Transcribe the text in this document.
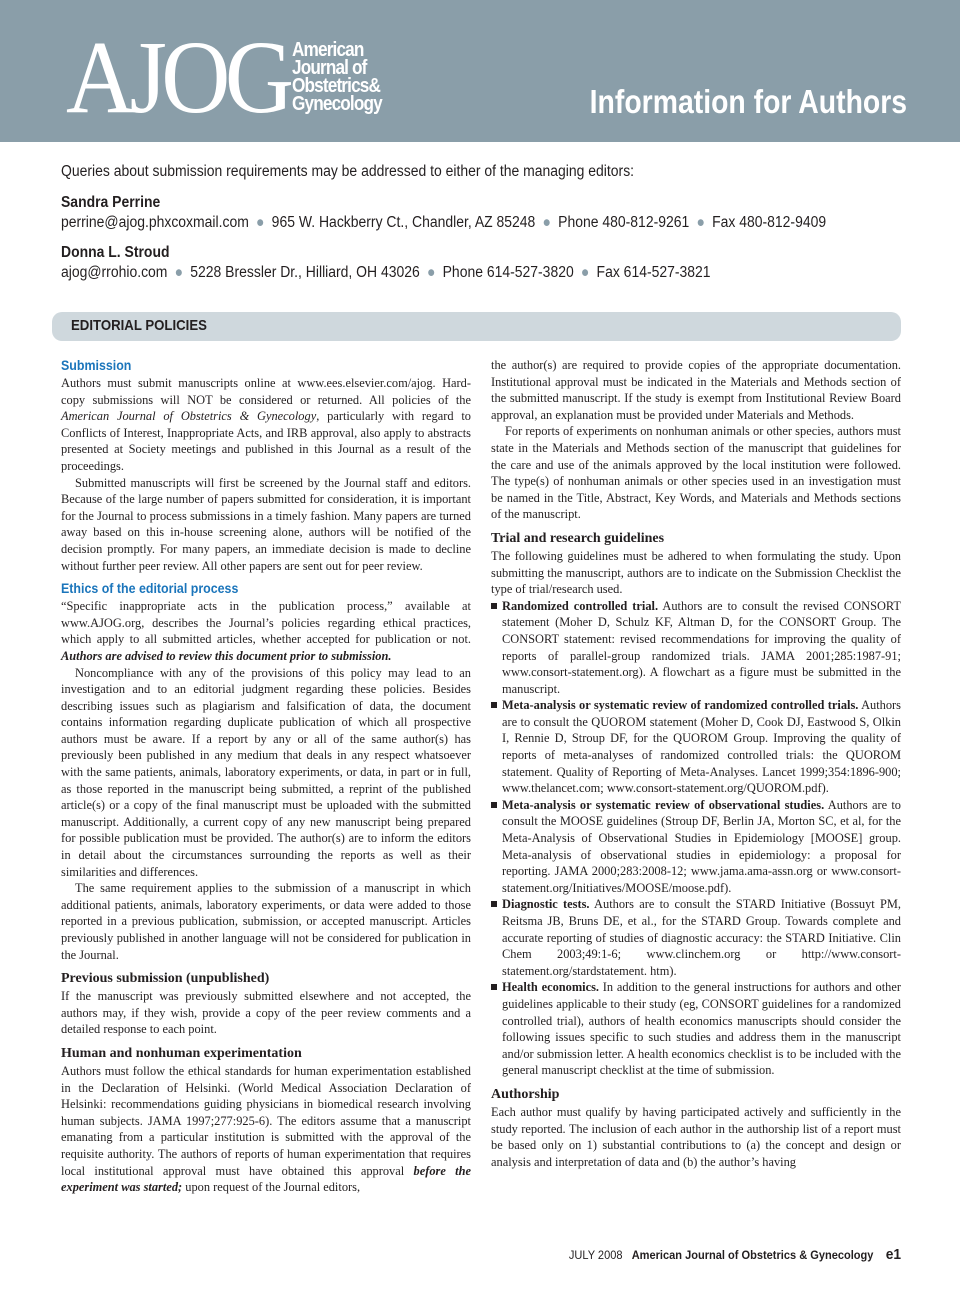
AJOG American
Journal of
Obstetrics&
Gynecology	Information for Authors
Queries about submission requirements may be addressed to either of the managing editors:
Sandra Perrine
perrine@ajog.phxcoxmail.com ● 965 W. Hackberry Ct., Chandler, AZ 85248 ● Phone 480-812-9261 ● Fax 480-812-9409
Donna L. Stroud
ajog@rrohio.com ● 5228 Bressler Dr., Hilliard, OH 43026 ● Phone 614-527-3820 ● Fax 614-527-3821
EDITORIAL POLICIES
Submission

Authors must submit manuscripts online at www.ees.elsevier.com/ajog. Hard-copy submissions will NOT be considered or returned. All policies of the American Journal of Obstetrics & Gynecology, particularly with regard to Conflicts of Interest, Inappropriate Acts, and IRB approval, also apply to abstracts presented at Society meetings and published in this Journal as a result of the proceedings.

Submitted manuscripts will first be screened by the Journal staff and editors. Because of the large number of papers submitted for consideration, it is important for the Journal to process submissions in a timely fashion. Many papers are turned away based on this in-house screening alone, authors will be notified of the decision promptly. For many papers, an immediate decision is made to decline without further peer review. All other papers are sent out for peer review.

Ethics of the editorial process

“Specific inappropriate acts in the publication process,” available at www.AJOG.org, describes the Journal’s policies regarding ethical practices, which apply to all submitted articles, whether accepted for publication or not. Authors are advised to review this document prior to submission.

Noncompliance with any of the provisions of this policy may lead to an investigation and to an editorial judgment regarding these policies. Besides describing issues such as plagiarism and falsification of data, the document contains information regarding duplicate publication of which all prospective authors must be aware. If a report by any or all of the same author(s) has previously been published in any medium that deals in any respect whatsoever with the same patients, animals, laboratory experiments, or data, in part or in full, as those reported in the manuscript being submitted, a reprint of the published article(s) or a copy of the final manuscript must be uploaded with the submitted manuscript. Additionally, a current copy of any new manuscript being prepared for possible publication must be provided. The author(s) are to inform the editors in detail about the circumstances surrounding the reports as well as their similarities and differences.

The same requirement applies to the submission of a manuscript in which additional patients, animals, laboratory experiments, or data were added to those reported in a previous publication, submission, or accepted manuscript. Articles previously published in another language will not be considered for publication in the Journal.

Previous submission (unpublished)

If the manuscript was previously submitted elsewhere and not accepted, the authors may, if they wish, provide a copy of the peer review comments and a detailed response to each point.

Human and nonhuman experimentation

Authors must follow the ethical standards for human experimentation established in the Declaration of Helsinki. (World Medical Association Declaration of Helsinki: recommendations guiding physicians in biomedical research involving human subjects. JAMA 1997;277:925-6). The editors assume that a manuscript emanating from a particular institution is submitted with the approval of the requisite authority. The authors of reports of human experimentation that requires local institutional approval must have obtained this approval before the experiment was started; upon request of the Journal editors,

the author(s) are required to provide copies of the appropriate documentation. Institutional approval must be indicated in the Materials and Methods section of the submitted manuscript. If the study is exempt from Institutional Review Board approval, an explanation must be provided under Materials and Methods.

For reports of experiments on nonhuman animals or other species, authors must state in the Materials and Methods section of the manuscript that guidelines for the care and use of the animals approved by the local institution were followed. The type(s) of nonhuman animals or other species used in an investigation must be named in the Title, Abstract, Key Words, and Materials and Methods sections of the manuscript.

Trial and research guidelines

The following guidelines must be adhered to when formulating the study. Upon submitting the manuscript, authors are to indicate on the Submission Checklist the type of trial/research used.

Randomized controlled trial. Authors are to consult the revised CONSORT statement (Moher D, Schulz KF, Altman D, for the CONSORT Group. The CONSORT statement: revised recommendations for improving the quality of reports of parallel-group randomized trials. JAMA 2001;285:1987-91; www.consort-statement.org). A flowchart as a figure must be submitted in the manuscript.
Meta-analysis or systematic review of randomized controlled trials. Authors are to consult the QUOROM statement (Moher D, Cook DJ, Eastwood S, Olkin I, Rennie D, Stroup DF, for the QUOROM Group. Improving the quality of reports of meta-analyses of randomized controlled trials: the QUOROM statement. Quality of Reporting of Meta-Analyses. Lancet 1999;354:1896-900; www.thelancet.com; www.consort-statement.org/QUOROM.pdf).
Meta-analysis or systematic review of observational studies. Authors are to consult the MOOSE guidelines (Stroup DF, Berlin JA, Morton SC, et al, for the Meta-Analysis of Observational Studies in Epidemiology [MOOSE] group. Meta-analysis of observational studies in epidemiology: a proposal for reporting. JAMA 2000;283:2008-12; www.jama.ama-assn.org or www.consort-statement.org/Initiatives/MOOSE/moose.pdf).
Diagnostic tests. Authors are to consult the STARD Initiative (Bossuyt PM, Reitsma JB, Bruns DE, et al., for the STARD Group. Towards complete and accurate reporting of studies of diagnostic accuracy: the STARD Initiative. Clin Chem 2003;49:1-6; www.clinchem.org or http://www.consort-statement.org/stardstatement. htm).
Health economics. In addition to the general instructions for authors and other guidelines applicable to their study (eg, CONSORT guidelines for a randomized controlled trial), authors of health economics manuscripts should consider the following issues specific to such studies and address them in the manuscript and/or submission letter. A health economics checklist is to be included with the general manuscript checklist at the time of submission.
Authorship

Each author must qualify by having participated actively and sufficiently in the study reported. The inclusion of each author in the authorship list of a report must be based only on 1) substantial contributions to (a) the concept and design or analysis and interpretation of data and (b) the author’s having

JULY 2008 American Journal of Obstetrics & Gynecology e1
